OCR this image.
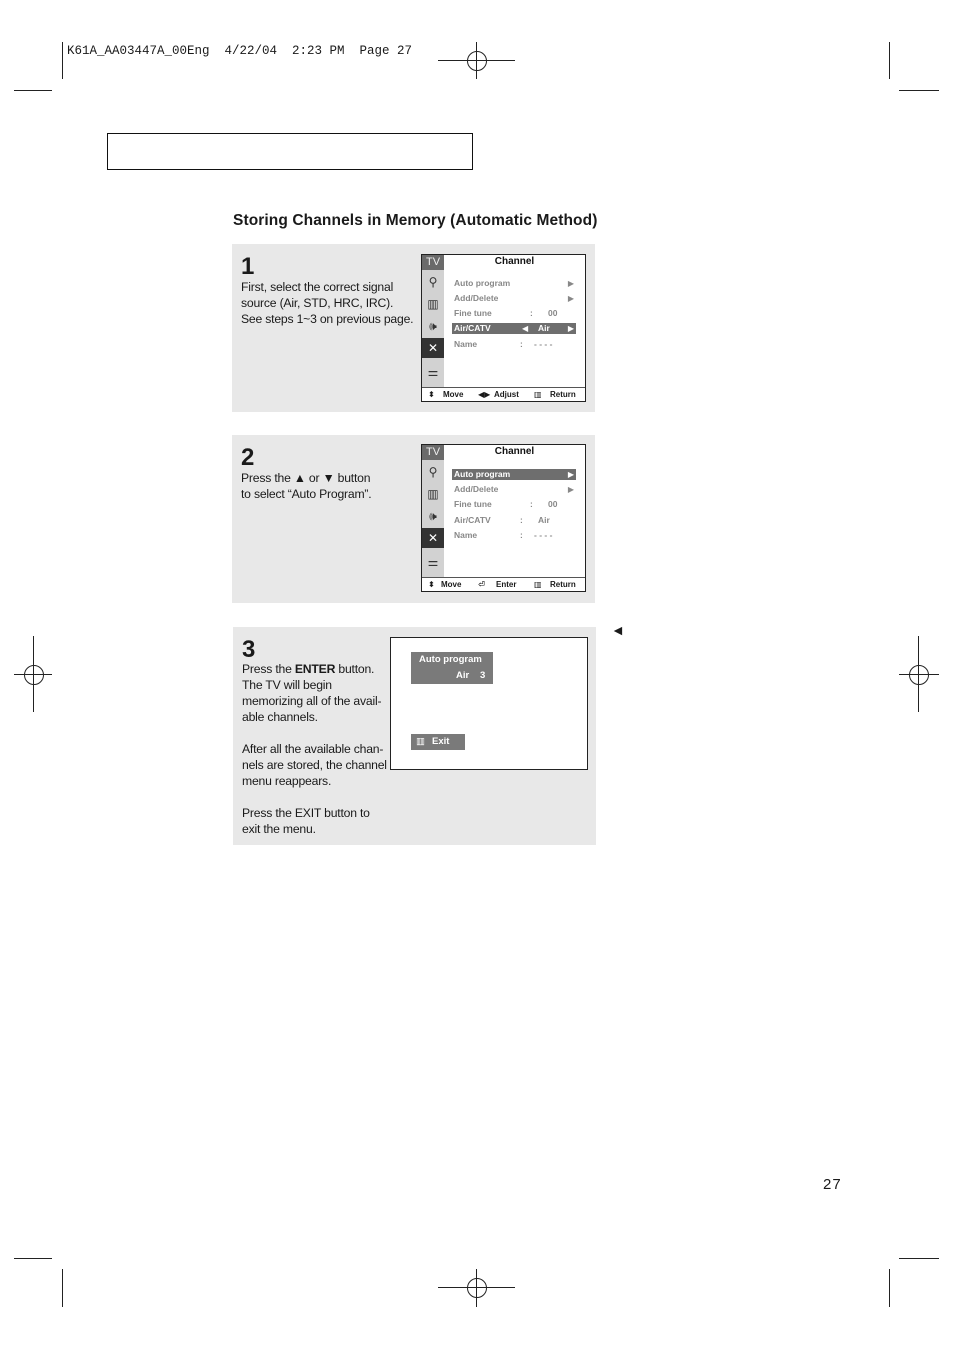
K61A_AA03447A_00Eng  4/22/04  2:23 PM  Page 27
Storing Channels in Memory (Automatic Method)
1

First, select the correct signal

source (Air, STD, HRC, IRC).

See steps 1~3 on previous page.

TV
⚲
▥
🕪
✕
⚌
Channel
Auto program	▶
Add/Delete	▶
Fine tune	: 00
Air/CATV	◀ Air ▶
Name	: - - - -
⬍ Move ◀▶ Adjust ▥ Return
2

Press the ▲ or ▼ button

to select “Auto Program”.

TV
⚲
▥
🕪
✕
⚌
Channel
Auto program	▶
Add/Delete	▶
Fine tune	: 00
Air/CATV	: Air
Name	: - - - -
⬍ Move ⏎ Enter ▥ Return
3

Press the ENTER button.

The TV will begin

memorizing all of the avail-

able channels.

After all the available chan-

nels are stored, the channel

menu reappears.

Press the EXIT button to

exit the menu.

Auto program
Air 3
▥ Exit
◄
27
